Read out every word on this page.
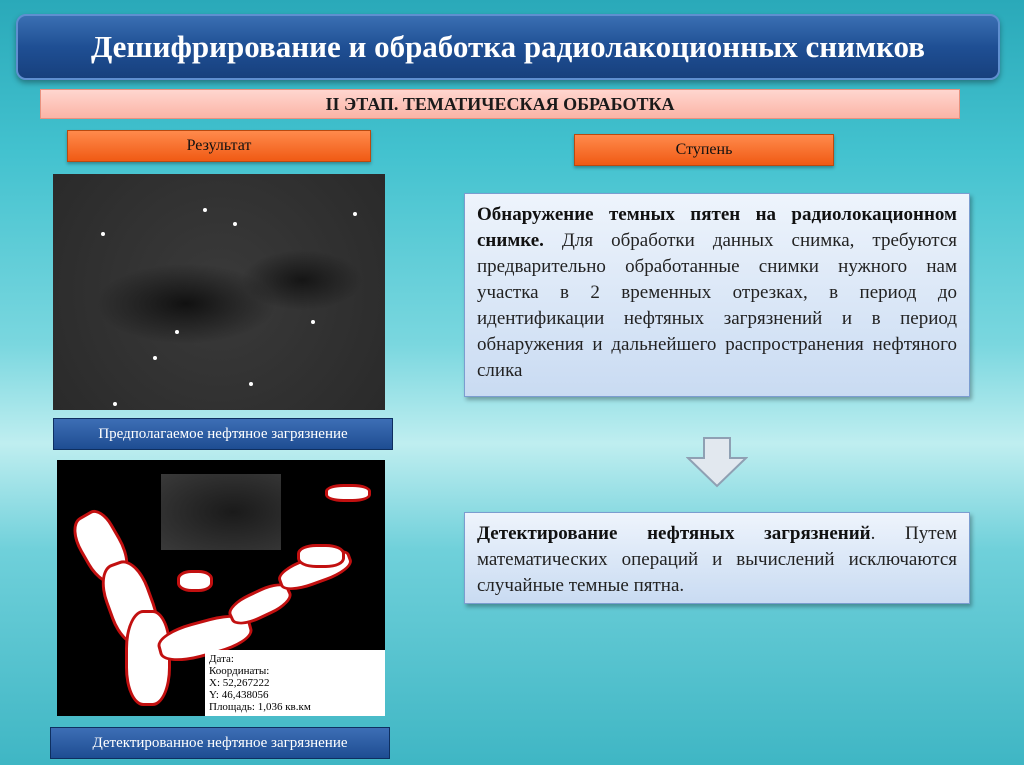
Дешифрирование и обработка радиолакоционных снимков
II ЭТАП. ТЕМАТИЧЕСКАЯ ОБРАБОТКА
Результат	Ступень
Предполагаемое нефтяное загрязнение
Дата:
Координаты:
X: 52,267222
Y: 46,438056
Площадь: 1,036 кв.км
Детектированное нефтяное загрязнение
Обнаружение темных пятен на радиолокационном снимке. Для обработки данных снимка, требуются предварительно обработанные снимки нужного нам участка в 2 временных отрезках, в период до идентификации нефтяных загрязнений и в период обнаружения и дальнейшего распространения нефтяного слика
Детектирование нефтяных загрязнений. Путем математических операций и вычислений исключаются случайные темные пятна.
